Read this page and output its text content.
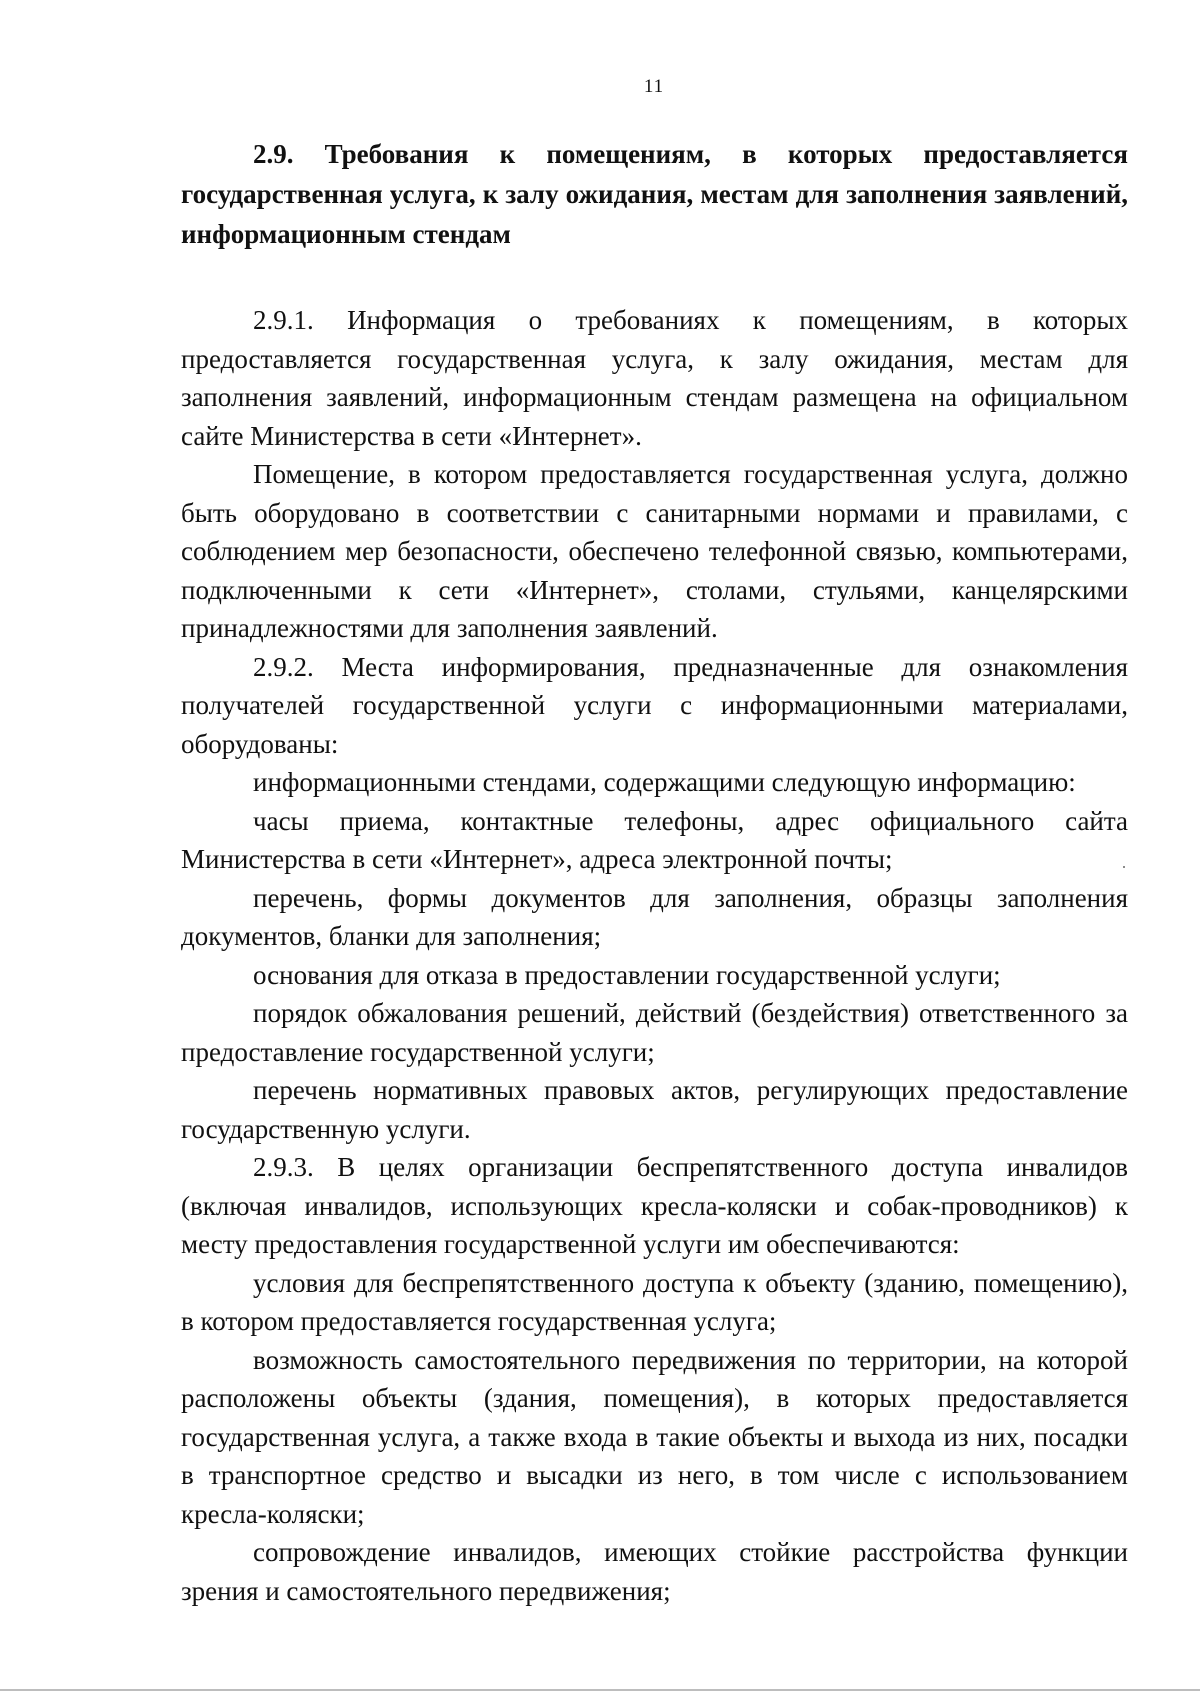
11

2.9. Требования к помещениям, в которых предоставляется государственная услуга, к залу ожидания, местам для заполнения заявлений, информационным стендам

2.9.1. Информация о требованиях к помещениям, в которых предоставляется государственная услуга, к залу ожидания, местам для заполнения заявлений, информационным стендам размещена на официальном сайте Министерства в сети «Интернет».

Помещение, в котором предоставляется государственная услуга, должно быть оборудовано в соответствии с санитарными нормами и правилами, с соблюдением мер безопасности, обеспечено телефонной связью, компьютерами, подключенными к сети «Интернет», столами, стульями, канцелярскими принадлежностями для заполнения заявлений.

2.9.2. Места информирования, предназначенные для ознакомления получателей государственной услуги с информационными материалами, оборудованы:

информационными стендами, содержащими следующую информацию:

часы приема, контактные телефоны, адрес официального сайта Министерства в сети «Интернет», адреса электронной почты;

перечень, формы документов для заполнения, образцы заполнения документов, бланки для заполнения;

основания для отказа в предоставлении государственной услуги;

порядок обжалования решений, действий (бездействия) ответственного за предоставление государственной услуги;

перечень нормативных правовых актов, регулирующих предоставление государственную услуги.

2.9.3. В целях организации беспрепятственного доступа инвалидов (включая инвалидов, использующих кресла-коляски и собак-проводников) к месту предоставления государственной услуги им обеспечиваются:

условия для беспрепятственного доступа к объекту (зданию, помещению), в котором предоставляется государственная услуга;

возможность самостоятельного передвижения по территории, на которой расположены объекты (здания, помещения), в которых предоставляется государственная услуга, а также входа в такие объекты и выхода из них, посадки в транспортное средство и высадки из него, в том числе с использованием кресла-коляски;

сопровождение инвалидов, имеющих стойкие расстройства функции зрения и самостоятельного передвижения;
